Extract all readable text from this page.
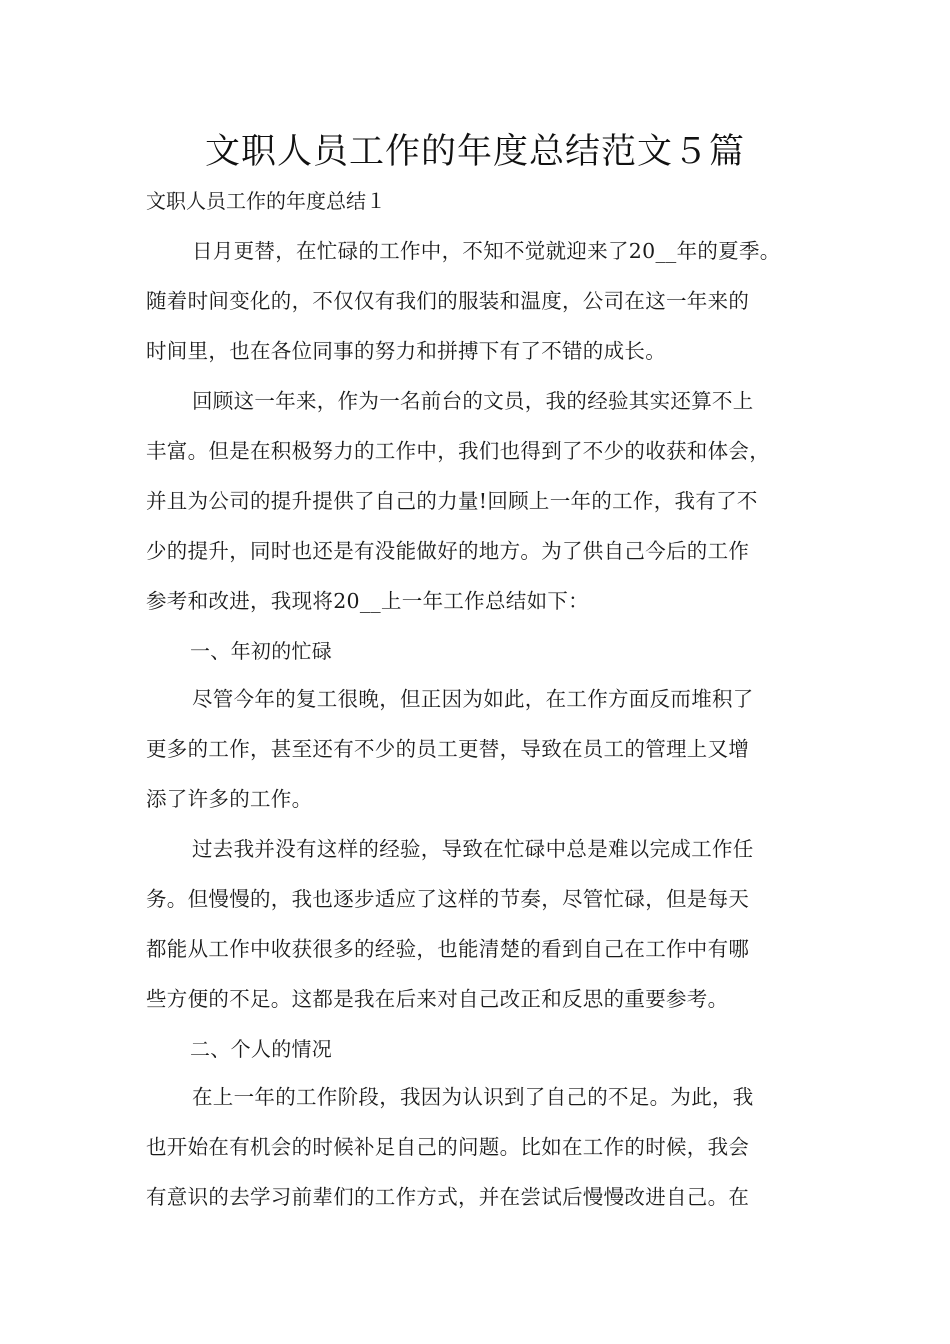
文职人员工作的年度总结范文５篇
文职人员工作的年度总结１
日月更替，在忙碌的工作中，不知不觉就迎来了20__年的夏季。
随着时间变化的，不仅仅有我们的服装和温度，公司在这一年来的
时间里，也在各位同事的努力和拼搏下有了不错的成长。
回顾这一年来，作为一名前台的文员，我的经验其实还算不上
丰富。但是在积极努力的工作中，我们也得到了不少的收获和体会，
并且为公司的提升提供了自己的力量!回顾上一年的工作，我有了不
少的提升，同时也还是有没能做好的地方。为了供自己今后的工作
参考和改进，我现将20__上一年工作总结如下：
一、年初的忙碌
尽管今年的复工很晚，但正因为如此，在工作方面反而堆积了
更多的工作，甚至还有不少的员工更替，导致在员工的管理上又增
添了许多的工作。
过去我并没有这样的经验，导致在忙碌中总是难以完成工作任
务。但慢慢的，我也逐步适应了这样的节奏，尽管忙碌，但是每天
都能从工作中收获很多的经验，也能清楚的看到自己在工作中有哪
些方便的不足。这都是我在后来对自己改正和反思的重要参考。
二、个人的情况
在上一年的工作阶段，我因为认识到了自己的不足。为此，我
也开始在有机会的时候补足自己的问题。比如在工作的时候，我会
有意识的去学习前辈们的工作方式，并在尝试后慢慢改进自己。在
